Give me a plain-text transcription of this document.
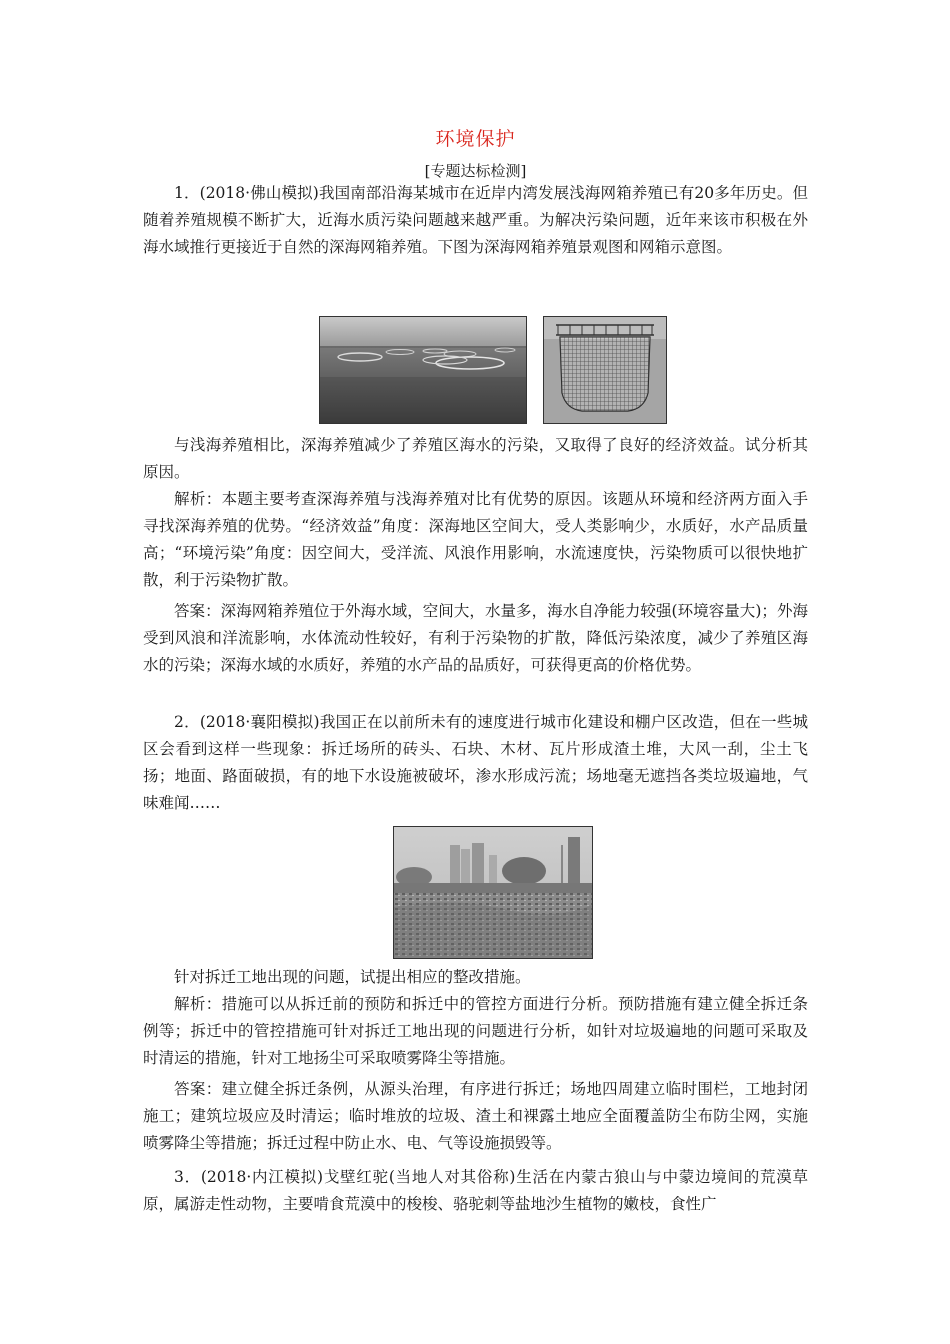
环境保护
[专题达标检测]

1．(2018·佛山模拟)我国南部沿海某城市在近岸内湾发展浅海网箱养殖已有20多年历史。但随着养殖规模不断扩大，近海水质污染问题越来越严重。为解决污染问题，近年来该市积极在外海水域推行更接近于自然的深海网箱养殖。下图为深海网箱养殖景观图和网箱示意图。

与浅海养殖相比，深海养殖减少了养殖区海水的污染，又取得了良好的经济效益。试分析其原因。

解析：本题主要考查深海养殖与浅海养殖对比有优势的原因。该题从环境和经济两方面入手寻找深海养殖的优势。“经济效益”角度：深海地区空间大，受人类影响少，水质好，水产品质量高；“环境污染”角度：因空间大，受洋流、风浪作用影响，水流速度快，污染物质可以很快地扩散，利于污染物扩散。

答案：深海网箱养殖位于外海水域，空间大，水量多，海水自净能力较强(环境容量大)；外海受到风浪和洋流影响，水体流动性较好，有利于污染物的扩散，降低污染浓度，减少了养殖区海水的污染；深海水域的水质好，养殖的水产品的品质好，可获得更高的价格优势。

2．(2018·襄阳模拟)我国正在以前所未有的速度进行城市化建设和棚户区改造，但在一些城区会看到这样一些现象：拆迁场所的砖头、石块、木材、瓦片形成渣土堆，大风一刮，尘土飞扬；地面、路面破损，有的地下水设施被破坏，渗水形成污流；场地毫无遮挡各类垃圾遍地，气味难闻……

针对拆迁工地出现的问题，试提出相应的整改措施。

解析：措施可以从拆迁前的预防和拆迁中的管控方面进行分析。预防措施有建立健全拆迁条例等；拆迁中的管控措施可针对拆迁工地出现的问题进行分析，如针对垃圾遍地的问题可采取及时清运的措施，针对工地扬尘可采取喷雾降尘等措施。

答案：建立健全拆迁条例，从源头治理，有序进行拆迁；场地四周建立临时围栏，工地封闭施工；建筑垃圾应及时清运；临时堆放的垃圾、渣土和裸露土地应全面覆盖防尘布防尘网，实施喷雾降尘等措施；拆迁过程中防止水、电、气等设施损毁等。

3．(2018·内江模拟)戈壁红驼(当地人对其俗称)生活在内蒙古狼山与中蒙边境间的荒漠草原，属游走性动物，主要啃食荒漠中的梭梭、骆驼刺等盐地沙生植物的嫩枝，食性广
